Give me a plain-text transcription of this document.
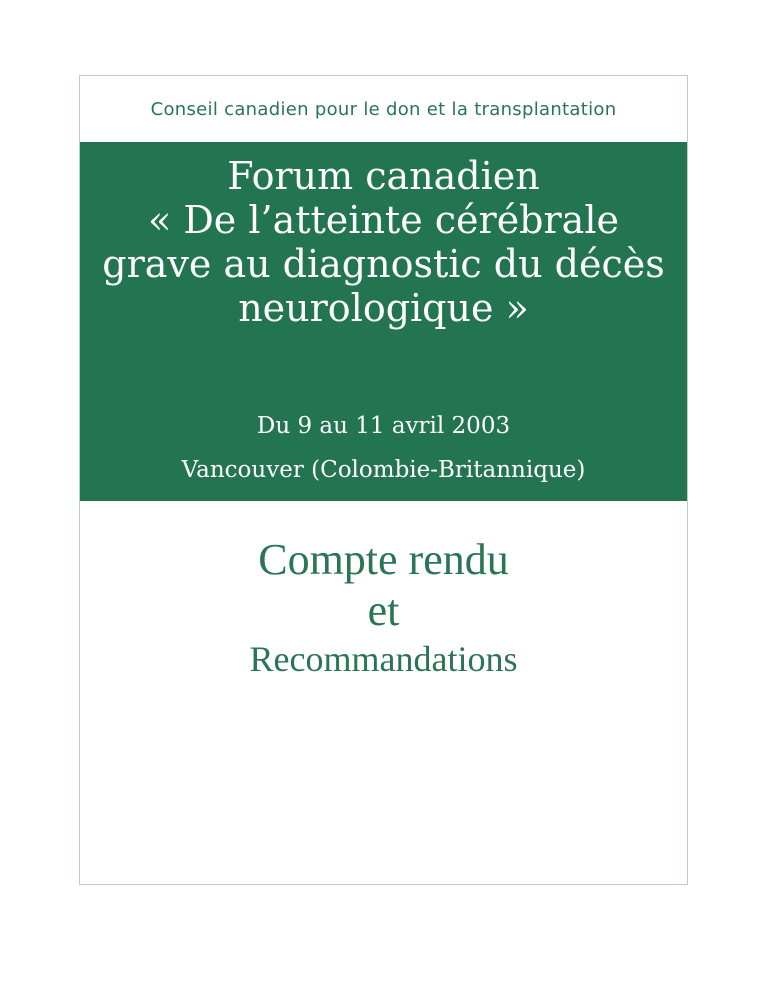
Conseil canadien pour le don et la transplantation
Forum canadien
« De l’atteinte cérébrale
grave au diagnostic du décès
neurologique »
Du 9 au 11 avril 2003
Vancouver (Colombie-Britannique)
Compte rendu
et
Recommandations
